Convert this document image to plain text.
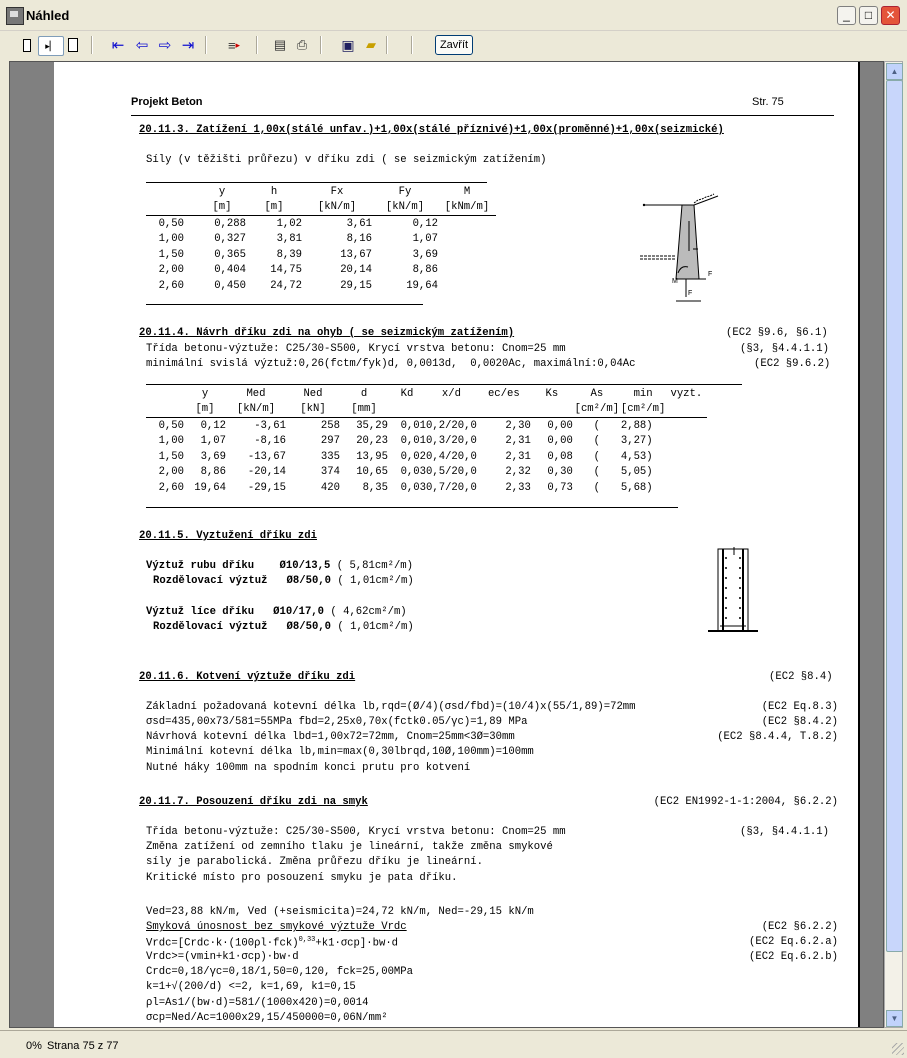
Náhled	_	□	✕
▸▏	⇤ ⇦ ⇨ ⇥	≡ ▸	▤ ⎙	▣ ▰	Zavřít
Projekt Beton	Str. 75
20.11.3. Zatížení 1,00x(stálé unfav.)+1,00x(stálé příznivé)+1,00x(proměnné)+1,00x(seizmické)
Síly (v těžišti průřezu) v dříku zdi ( se seizmickým zatížením)
	y	h	Fx	Fy	M
	[m]	[m]	[kN/m]	[kN/m]	[kNm/m]
0,50	0,288	1,02	3,61	0,12	
1,00	0,327	3,81	8,16	1,07	
1,50	0,365	8,39	13,67	3,69	
2,00	0,404	14,75	20,14	8,86	
2,60	0,450	24,72	29,15	19,64		M
F
F
20.11.4. Návrh dříku zdi na ohyb ( se seizmickým zatížením)	(EC2 §9.6, §6.1)
Třída betonu-výztuže: C25/30-S500, Krycí vrstva betonu: Cnom=25 mm	(§3, §4.4.1.1)
minimální svislá výztuž:0,26(fctm/fyk)d, 0,0013d,  0,0020Ac, maximální:0,04Ac	(EC2 §9.6.2)
	y	Med	Ned	d	Kd	x/d	ec/es	Ks	As	min	vyzt.
	[m]	[kN/m]	[kN]	[mm]					[cm²/m]	[cm²/m]	
0,50	0,12	-3,61	258	35,29	0,01	0,2/20,0	2,30	0,00	(	2,88)	
1,00	1,07	-8,16	297	20,23	0,01	0,3/20,0	2,31	0,00	(	3,27)	
1,50	3,69	-13,67	335	13,95	0,02	0,4/20,0	2,31	0,08	(	4,53)	
2,00	8,86	-20,14	374	10,65	0,03	0,5/20,0	2,32	0,30	(	5,05)	
2,60	19,64	-29,15	420	8,35	0,03	0,7/20,0	2,33	0,73	(	5,68)	
20.11.5. Vyztužení dříku zdi
Výztuž rubu dříku Ø10/13,5 ( 5,81cm²/m)
Rozdělovací výztuž Ø8/50,0 ( 1,01cm²/m)
Výztuž líce dříku Ø10/17,0 ( 4,62cm²/m)
Rozdělovací výztuž Ø8/50,0 ( 1,01cm²/m)
20.11.6. Kotvení výztuže dříku zdi	(EC2 §8.4)
Základní požadovaná kotevní délka lb,rqd=(Ø/4)(σsd/fbd)=(10/4)x(55/1,89)=72mm	(EC2 Eq.8.3)
σsd=435,00x73/581=55MPa fbd=2,25x0,70x(fctk0.05/γc)=1,89 MPa	(EC2 §8.4.2)
Návrhová kotevní délka lbd=1,00x72=72mm, Cnom=25mm<3Ø=30mm	(EC2 §8.4.4, T.8.2)
Minimální kotevní délka lb,min=max(0,30lbrqd,10Ø,100mm)=100mm
Nutné háky 100mm na spodním konci prutu pro kotvení
20.11.7. Posouzení dříku zdi na smyk	(EC2 EN1992-1-1:2004, §6.2.2)
Třída betonu-výztuže: C25/30-S500, Krycí vrstva betonu: Cnom=25 mm	(§3, §4.4.1.1)
Změna zatížení od zemního tlaku je lineární, takže změna smykové
síly je parabolická. Změna průřezu dříku je lineární.
Kritické místo pro posouzení smyku je pata dříku.
Ved=23,88 kN/m, Ved (+seismicita)=24,72 kN/m, Ned=-29,15 kN/m
Smyková únosnost bez smykové výztuže Vrdc	(EC2 §6.2.2)
$Vrdc=[Crdc\cdot k\cdot(100\rho l\cdot fck)^{0,33}+k1\cdot\sigma cp]\cdot bw\cdot d$	(EC2 Eq.6.2.a)
Vrdc>=(vmin+k1·σcp)·bw·d	(EC2 Eq.6.2.b)
Crdc=0,18/γc=0,18/1,50=0,120, fck=25,00MPa
k=1+√(200/d) <=2, k=1,69, k1=0,15
ρl=As1/(bw·d)=581/(1000x420)=0,0014
σcp=Ned/Ac=1000x29,15/450000=0,06N/mm²
▲
▼
0% Strana 75 z 77
